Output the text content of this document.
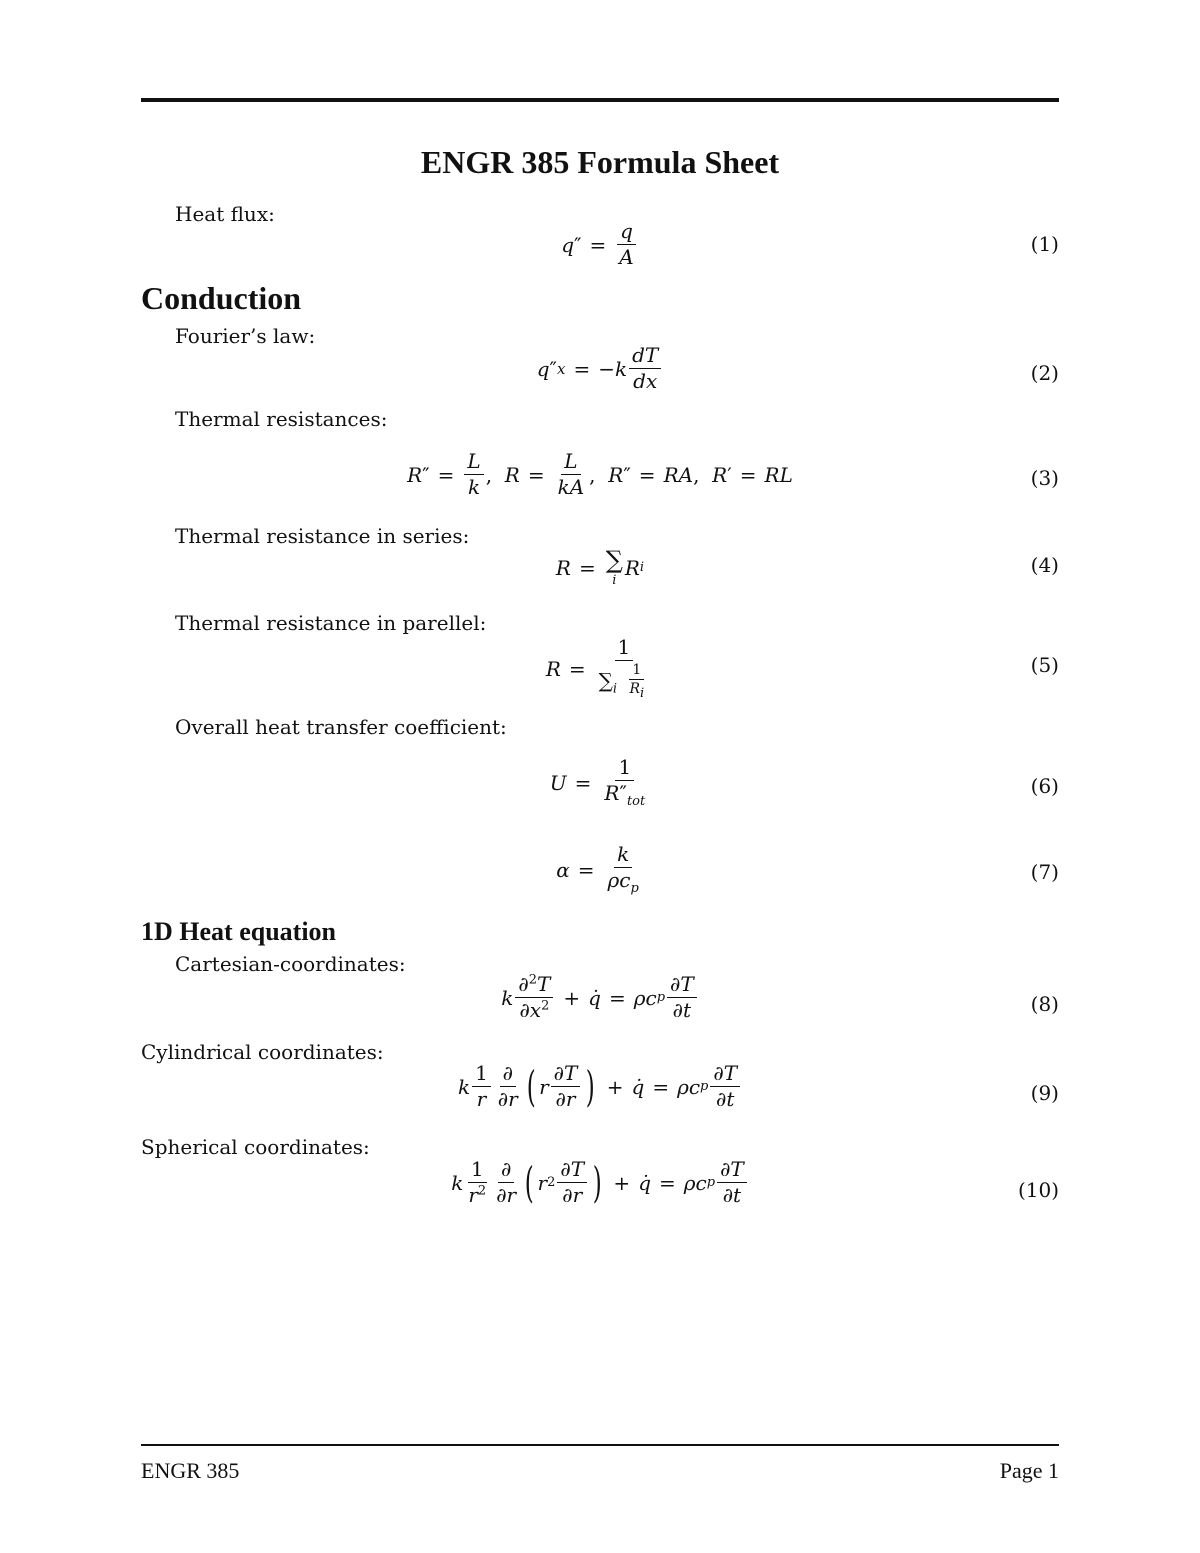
ENGR 385 Formula Sheet
Heat flux:
q ″ = $\frac{q}{A}$	(1)
Conduction
Fourier’s law:
q ″ x = − k $\frac{dT}{dx}$	(2)
Thermal resistances:
R ″ = $\frac{L}{k}$ , $R = \frac{L}{kA}$ , R ″ = RA , R ′ = RL	(3)
Thermal resistance in series:
R = ∑
i
R i	(4)
Thermal resistance in parellel:
$R = \frac{1}{\sum_i \frac{1}{Ri}}$	(5)
Overall heat transfer coefficient:
$U = \frac{1}{R''_{tot}}$	(6)
$\alpha = \frac{k}{\rho c_p}$	(7)
1D Heat equation
Cartesian-coordinates:
k $\frac{\partial^2T}{\partial x^2}$ + q̇ = ρc p $\frac{\partial T}{\partial t}$	(8)
Cylindrical coordinates:
k $\frac{1}{r} \frac{\partial}{\partial r}$ ( r $\frac{\partial T}{\partial r}$ ) + q̇ = ρc p $\frac{\partial T}{\partial t}$	(9)
Spherical coordinates:
k $\frac{1}{r^2} \frac{\partial}{\partial r}$ ( r $2 \frac{\partial T}{\partial r}$ ) + q̇ = ρc p $\frac{\partial T}{\partial t}$	(10)
ENGR 385	Page 1
